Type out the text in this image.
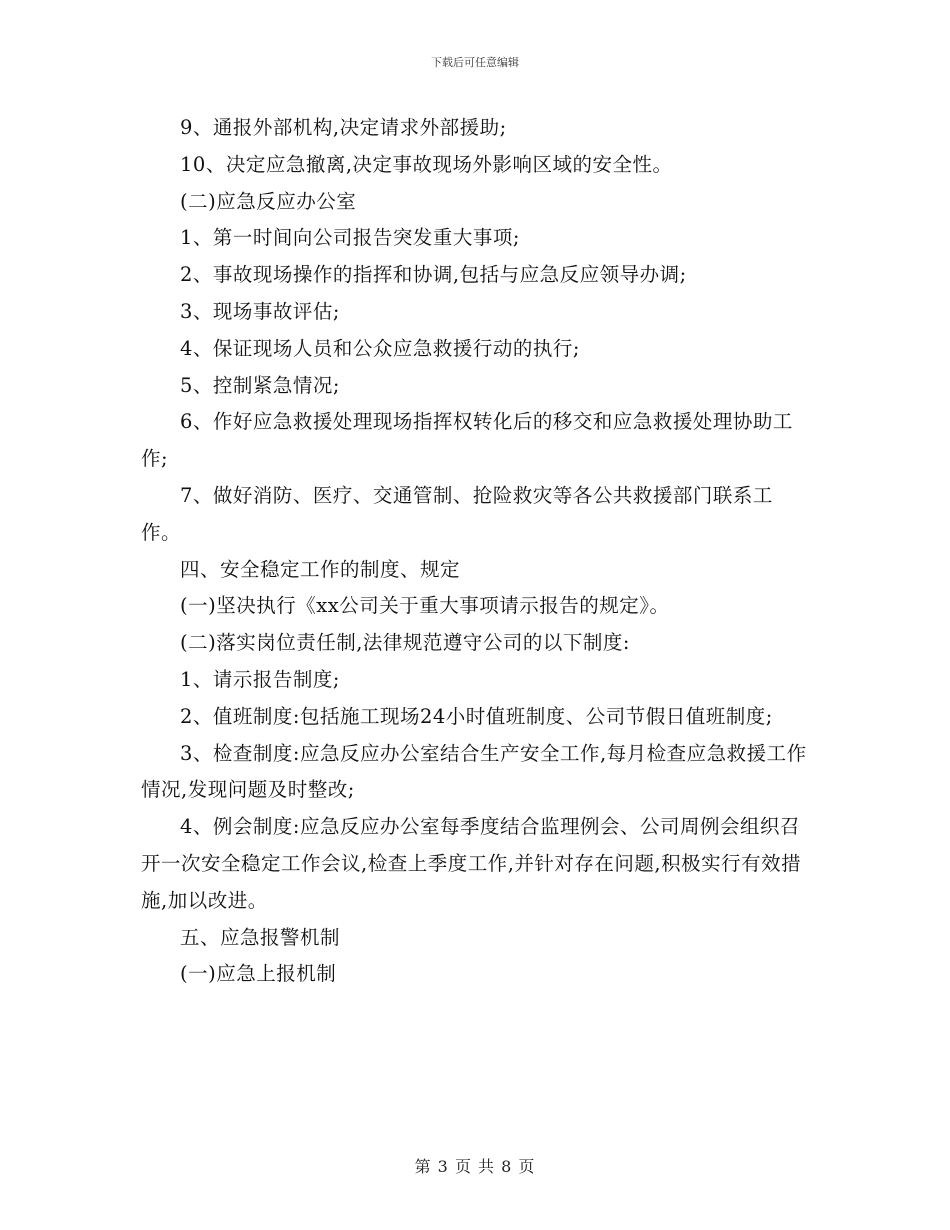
下载后可任意编辑

9、通报外部机构,决定请求外部援助;

10、决定应急撤离,决定事故现场外影响区域的安全性。

(二)应急反应办公室

1、第一时间向公司报告突发重大事项;

2、事故现场操作的指挥和协调,包括与应急反应领导办调;

3、现场事故评估;

4、保证现场人员和公众应急救援行动的执行;

5、控制紧急情况;

6、作好应急救援处理现场指挥权转化后的移交和应急救援处理协助工作;

7、做好消防、医疗、交通管制、抢险救灾等各公共救援部门联系工作。

四、安全稳定工作的制度、规定

(一)坚决执行《xx公司关于重大事项请示报告的规定》。

(二)落实岗位责任制,法律规范遵守公司的以下制度:

1、请示报告制度;

2、值班制度:包括施工现场24小时值班制度、公司节假日值班制度;

3、检查制度:应急反应办公室结合生产安全工作,每月检查应急救援工作情况,发现问题及时整改;

4、例会制度:应急反应办公室每季度结合监理例会、公司周例会组织召开一次安全稳定工作会议,检查上季度工作,并针对存在问题,积极实行有效措施,加以改进。

五、应急报警机制

(一)应急上报机制

第 3 页 共 8 页
